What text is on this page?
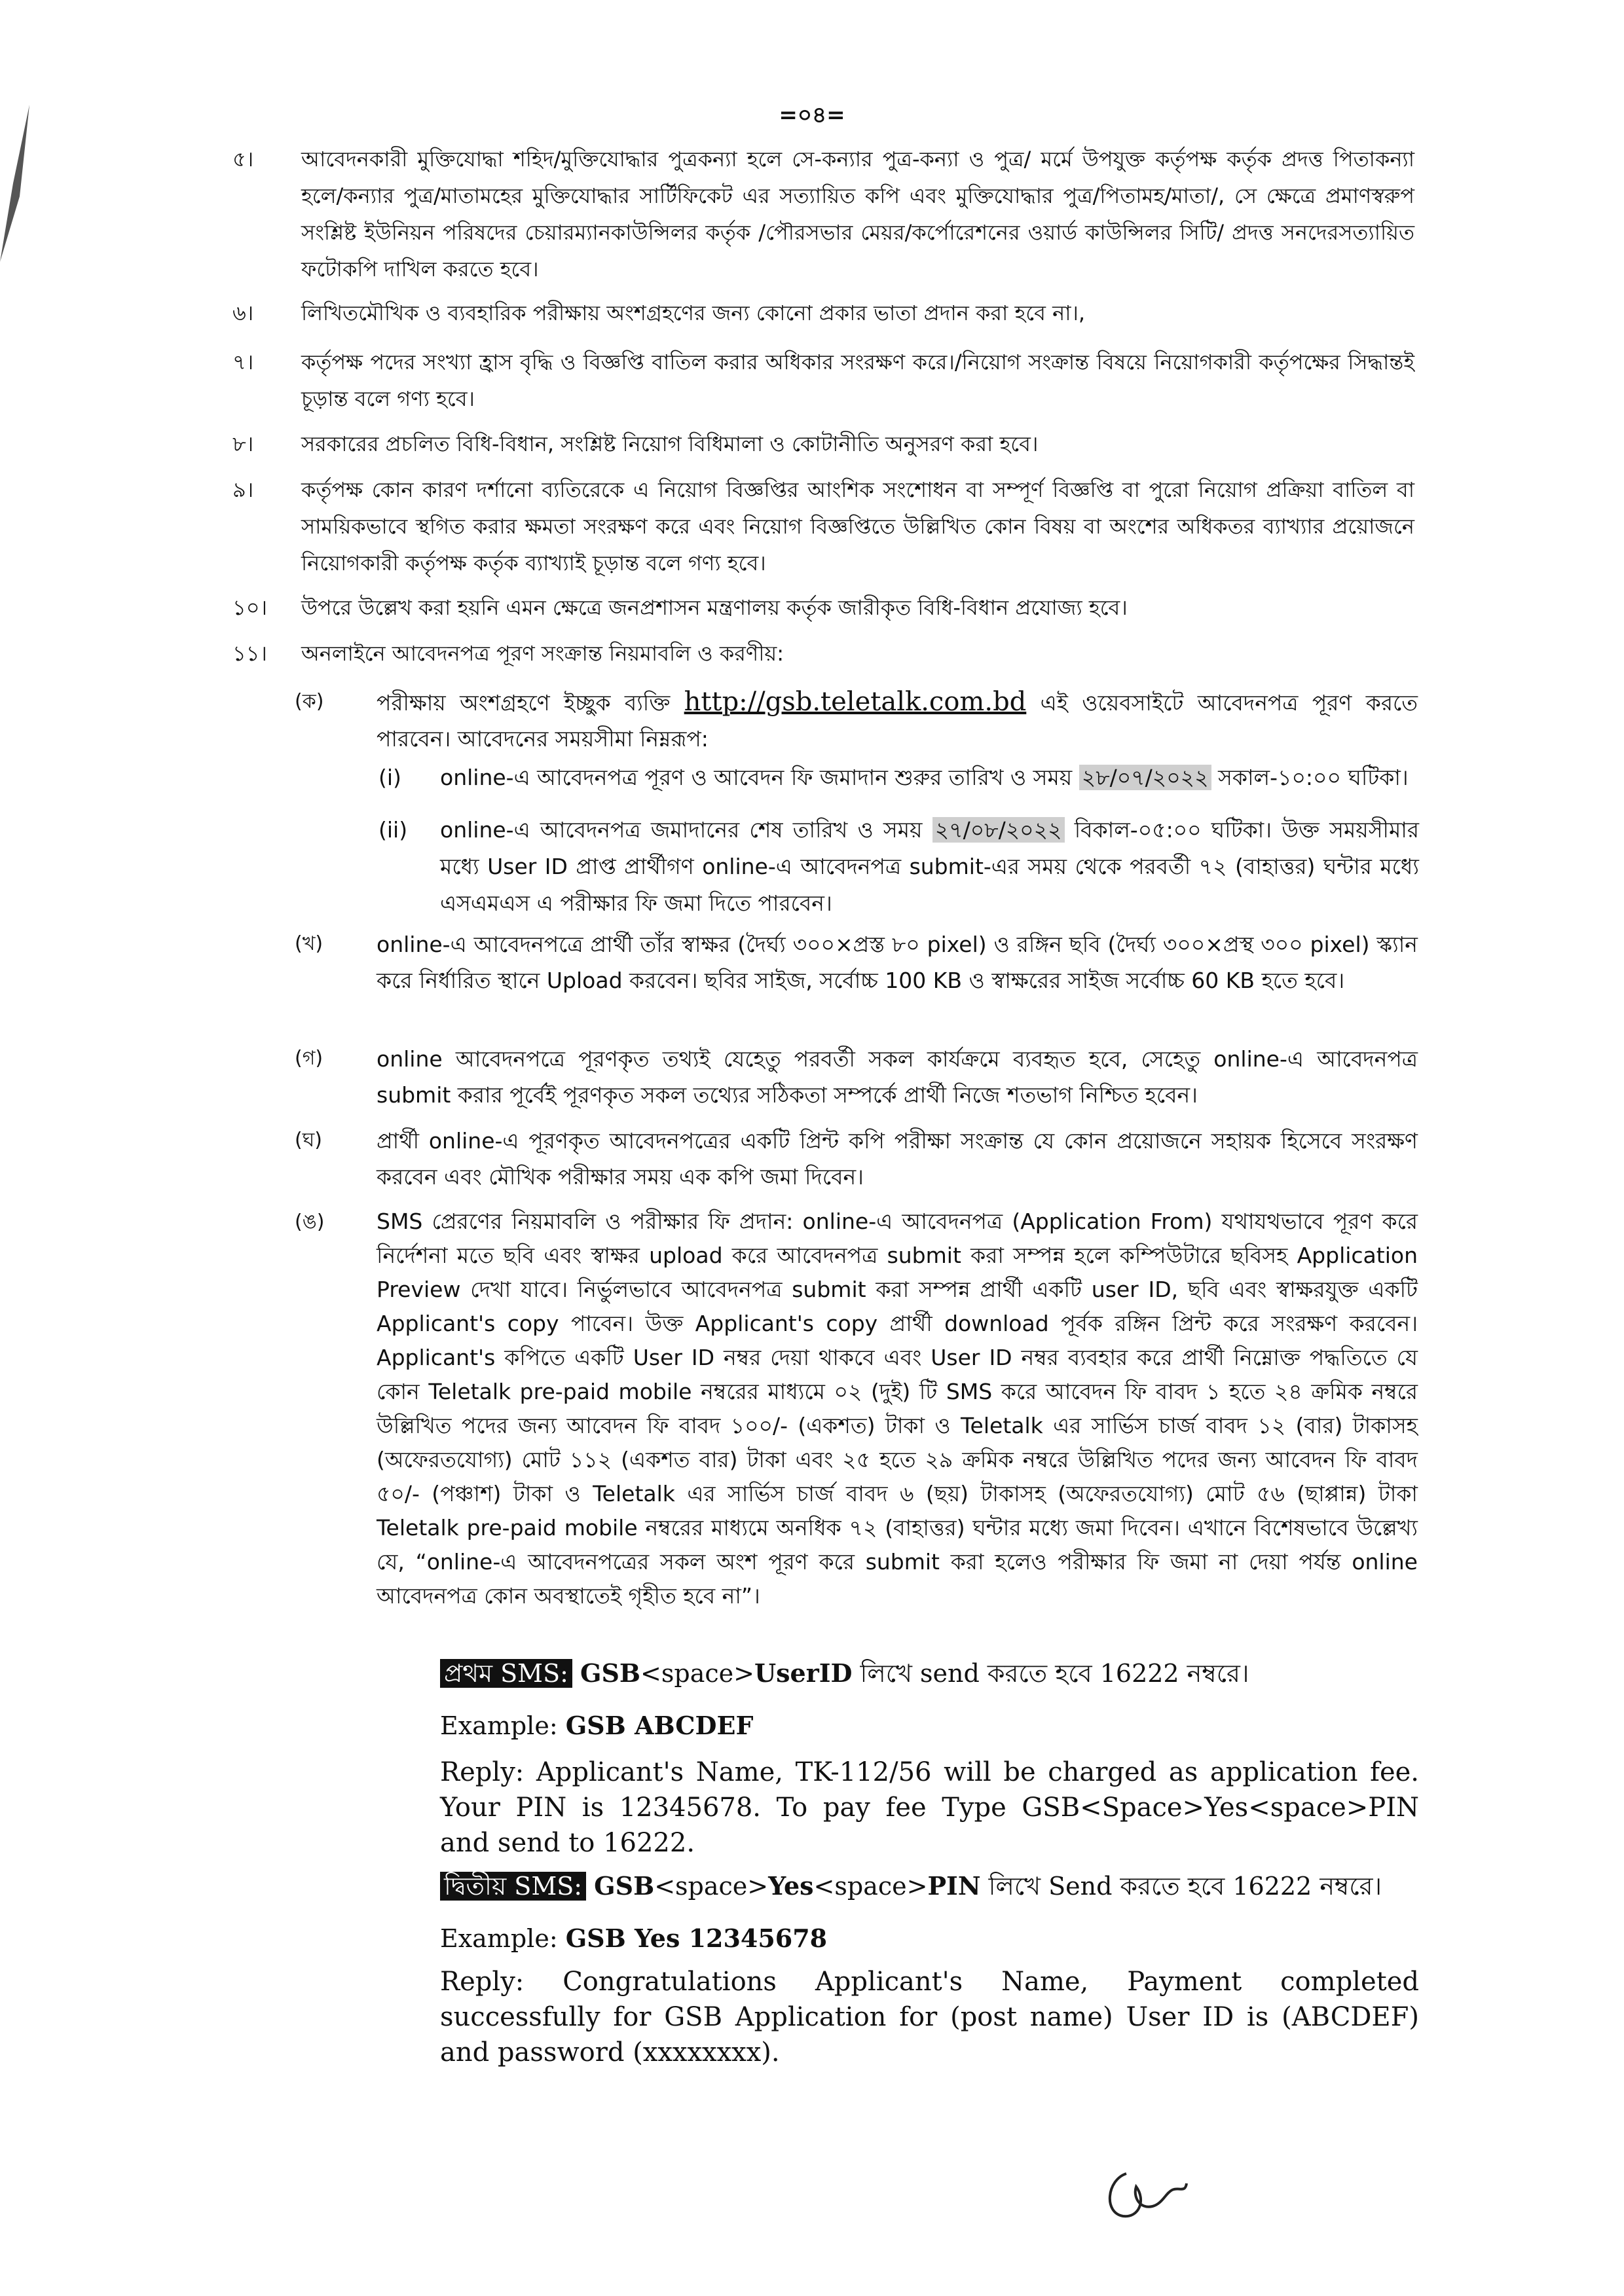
=০৪=
৫।	আবেদনকারী মুক্তিযোদ্ধা শহিদ/মুক্তিযোদ্ধার পুত্রকন্যা হলে সে-কন্যার পুত্র-কন্যা ও পুত্র/ মর্মে উপযুক্ত কর্তৃপক্ষ কর্তৃক প্রদত্ত পিতাকন্যা হলে/কন্যার পুত্র/মাতামহের মুক্তিযোদ্ধার সার্টিফিকেট এর সত্যায়িত কপি এবং মুক্তিযোদ্ধার পুত্র/পিতামহ/মাতা/, সে ক্ষেত্রে প্রমাণস্বরুপ সংশ্লিষ্ট ইউনিয়ন পরিষদের চেয়ারম্যানকাউন্সিলর কর্তৃক /পৌরসভার মেয়র/কর্পোরেশনের ওয়ার্ড কাউন্সিলর সিটি/ প্রদত্ত সনদেরসত্যায়িত ফটোকপি দাখিল করতে হবে।
৬।	লিখিতমৌখিক ও ব্যবহারিক পরীক্ষায় অংশগ্রহণের জন্য কোনো প্রকার ভাতা প্রদান করা হবে না।,
৭।	কর্তৃপক্ষ পদের সংখ্যা হ্রাস বৃদ্ধি ও বিজ্ঞপ্তি বাতিল করার অধিকার সংরক্ষণ করে।/নিয়োগ সংক্রান্ত বিষয়ে নিয়োগকারী কর্তৃপক্ষের সিদ্ধান্তই চূড়ান্ত বলে গণ্য হবে।
৮।	সরকারের প্রচলিত বিধি-বিধান, সংশ্লিষ্ট নিয়োগ বিধিমালা ও কোটানীতি অনুসরণ করা হবে।
৯।	কর্তৃপক্ষ কোন কারণ দর্শানো ব্যতিরেকে এ নিয়োগ বিজ্ঞপ্তির আংশিক সংশোধন বা সম্পূর্ণ বিজ্ঞপ্তি বা পুরো নিয়োগ প্রক্রিয়া বাতিল বা সাময়িকভাবে স্থগিত করার ক্ষমতা সংরক্ষণ করে এবং নিয়োগ বিজ্ঞপ্তিতে উল্লিখিত কোন বিষয় বা অংশের অধিকতর ব্যাখ্যার প্রয়োজনে নিয়োগকারী কর্তৃপক্ষ কর্তৃক ব্যাখ্যাই চূড়ান্ত বলে গণ্য হবে।
১০।	উপরে উল্লেখ করা হয়নি এমন ক্ষেত্রে জনপ্রশাসন মন্ত্রণালয় কর্তৃক জারীকৃত বিধি-বিধান প্রযোজ্য হবে।
১১।	অনলাইনে আবেদনপত্র পূরণ সংক্রান্ত নিয়মাবলি ও করণীয়:
(ক)	পরীক্ষায় অংশগ্রহণে ইচ্ছুক ব্যক্তি http://gsb.teletalk.com.bd এই ওয়েবসাইটে আবেদনপত্র পূরণ করতে পারবেন। আবেদনের সময়সীমা নিম্নরূপ:
(i)	online-এ আবেদনপত্র পূরণ ও আবেদন ফি জমাদান শুরুর তারিখ ও সময় ২৮/০৭/২০২২ সকাল-১০:০০ ঘটিকা।
(ii)	online-এ আবেদনপত্র জমাদানের শেষ তারিখ ও সময় ২৭/০৮/২০২২ বিকাল-০৫:০০ ঘটিকা। উক্ত সময়সীমার মধ্যে User ID প্রাপ্ত প্রার্থীগণ online-এ আবেদনপত্র submit-এর সময় থেকে পরবর্তী ৭২ (বাহাত্তর) ঘন্টার মধ্যে এসএমএস এ পরীক্ষার ফি জমা দিতে পারবেন।
(খ)	online-এ আবেদনপত্রে প্রার্থী তাঁর স্বাক্ষর (দৈর্ঘ্য ৩০০×প্রস্ত ৮০ pixel) ও রঙ্গিন ছবি (দৈর্ঘ্য ৩০০×প্রস্থ ৩০০ pixel) স্ক্যান করে নির্ধারিত স্থানে Upload করবেন। ছবির সাইজ, সর্বোচ্চ 100 KB ও স্বাক্ষরের সাইজ সর্বোচ্চ 60 KB হতে হবে।
(গ)	online আবেদনপত্রে পূরণকৃত তথ্যই যেহেতু পরবর্তী সকল কার্যক্রমে ব্যবহৃত হবে, সেহেতু online-এ আবেদনপত্র submit করার পূর্বেই পূরণকৃত সকল তথ্যের সঠিকতা সম্পর্কে প্রার্থী নিজে শতভাগ নিশ্চিত হবেন।
(ঘ)	প্রার্থী online-এ পূরণকৃত আবেদনপত্রের একটি প্রিন্ট কপি পরীক্ষা সংক্রান্ত যে কোন প্রয়োজনে সহায়ক হিসেবে সংরক্ষণ করবেন এবং মৌখিক পরীক্ষার সময় এক কপি জমা দিবেন।
(ঙ)	SMS প্রেরণের নিয়মাবলি ও পরীক্ষার ফি প্রদান: online-এ আবেদনপত্র (Application From) যথাযথভাবে পূরণ করে নির্দেশনা মতে ছবি এবং স্বাক্ষর upload করে আবেদনপত্র submit করা সম্পন্ন হলে কম্পিউটারে ছবিসহ Application Preview দেখা যাবে। নির্ভুলভাবে আবেদনপত্র submit করা সম্পন্ন প্রার্থী একটি user ID, ছবি এবং স্বাক্ষরযুক্ত একটি Applicant's copy পাবেন। উক্ত Applicant's copy প্রার্থী download পূর্বক রঙ্গিন প্রিন্ট করে সংরক্ষণ করবেন। Applicant's কপিতে একটি User ID নম্বর দেয়া থাকবে এবং User ID নম্বর ব্যবহার করে প্রার্থী নিম্নোক্ত পদ্ধতিতে যে কোন Teletalk pre-paid mobile নম্বরের মাধ্যমে ০২ (দুই) টি SMS করে আবেদন ফি বাবদ ১ হতে ২৪ ক্রমিক নম্বরে উল্লিখিত পদের জন্য আবেদন ফি বাবদ ১০০/- (একশত) টাকা ও Teletalk এর সার্ভিস চার্জ বাবদ ১২ (বার) টাকাসহ (অফেরতযোগ্য) মোট ১১২ (একশত বার) টাকা এবং ২৫ হতে ২৯ ক্রমিক নম্বরে উল্লিখিত পদের জন্য আবেদন ফি বাবদ ৫০/- (পঞ্চাশ) টাকা ও Teletalk এর সার্ভিস চার্জ বাবদ ৬ (ছয়) টাকাসহ (অফেরতযোগ্য) মোট ৫৬ (ছাপ্পান্ন) টাকা Teletalk pre-paid mobile নম্বরের মাধ্যমে অনধিক ৭২ (বাহাত্তর) ঘন্টার মধ্যে জমা দিবেন। এখানে বিশেষভাবে উল্লেখ্য যে, “online-এ আবেদনপত্রের সকল অংশ পূরণ করে submit করা হলেও পরীক্ষার ফি জমা না দেয়া পর্যন্ত online আবেদনপত্র কোন অবস্থাতেই গৃহীত হবে না”।
প্রথম SMS: GSB<space>UserID লিখে send করতে হবে 16222 নম্বরে।
Example: GSB ABCDEF
Reply: Applicant's Name, TK-112/56 will be charged as application fee. Your PIN is 12345678. To pay fee Type GSB<Space>Yes<space>PIN and send to 16222.
দ্বিতীয় SMS: GSB<space>Yes<space>PIN লিখে Send করতে হবে 16222 নম্বরে।
Example: GSB Yes 12345678
Reply: Congratulations Applicant's Name, Payment completed successfully for GSB Application for (post name) User ID is (ABCDEF) and password (xxxxxxxx).
